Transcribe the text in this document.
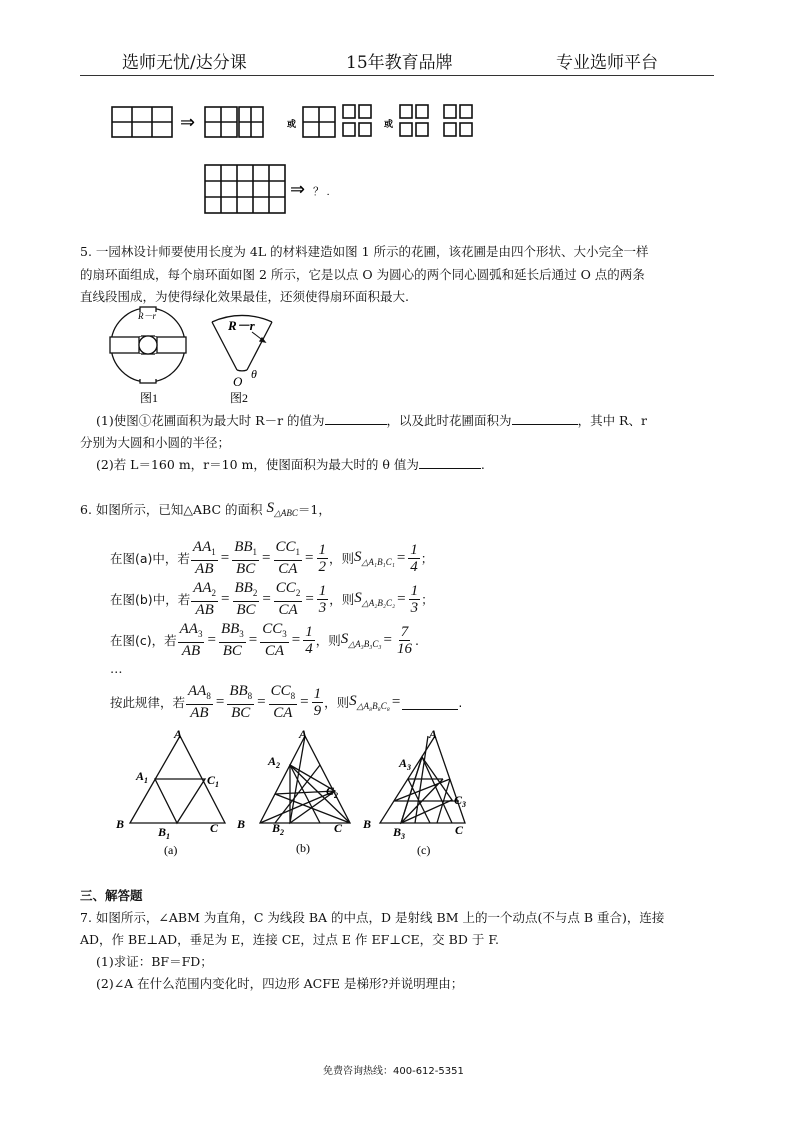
选师无忧/达分课	15年教育品牌	专业选师平台
⇒	或	或
⇒ ？ .
5. 一园林设计师要使用长度为 4L 的材料建造如图 1 所示的花圃，该花圃是由四个形状、大小完全一样
的扇环面组成，每个扇环面如图 2 所示，它是以点 O 为圆心的两个同心圆弧和延长后通过 O 点的两条
直线段围成，为使得绿化效果最佳，还须使得扇环面积最大.
R－r
图1
R－r
O θ
图2
(1)使图①花圃面积为最大时 R－r 的值为	，以及此时花圃面积为	，其中 R、r
分别为大圆和小圆的半径；
(2)若 L＝160 m，r＝10 m，使图面积为最大时的 θ 值为	.
6. 如图所示，已知△ABC 的面积 $S_{\triangle ABC} =1$，
在图(a)中，若 $\frac{AA_1}{AB} = \frac{BB_1}{BC} = \frac{CC_1}{CA} = \frac{1}{2}$ ，则 $S_{\triangle A_1B_1C_1} = \frac{1}{4}$ ；
在图(b)中，若 $\frac{AA_2}{AB} = \frac{BB_2}{BC} = \frac{CC_2}{CA} = \frac{1}{3}$ ，则 $S_{\triangle A_2B_2C_2} = \frac{1}{3}$ ；
在图(c)，若 $\frac{AA_3}{AB} = \frac{BB_3}{BC} = \frac{CC_3}{CA} = \frac{1}{4}$ ，则 $S_{\triangle A_3B_3C_3} = \frac{7}{16}$ .
…
按此规律，若 $\frac{AA_8}{AB} = \frac{BB_8}{BC} = \frac{CC_8}{CA} = \frac{1}{9}$ ，则 $S_{\triangle A_8B_8C_8}$ =	.
A
$A_1$	$C_1$
B
$B_1$
C
A
$A_2$
$C_2$
B $B_2$	C
A
$A_3$
$C_3$
B
$B_3$	C
(a)	(b)	(c)
三、解答题
7. 如图所示，∠ABM 为直角，C 为线段 BA 的中点，D 是射线 BM 上的一个动点(不与点 B 重合)，连接
AD，作 BE⊥AD，垂足为 E，连接 CE，过点 E 作 EF⊥CE，交 BD 于 F.
(1)求证：BF＝FD；
(2)∠A 在什么范围内变化时，四边形 ACFE 是梯形?并说明理由；
免费咨询热线：400-612-5351
